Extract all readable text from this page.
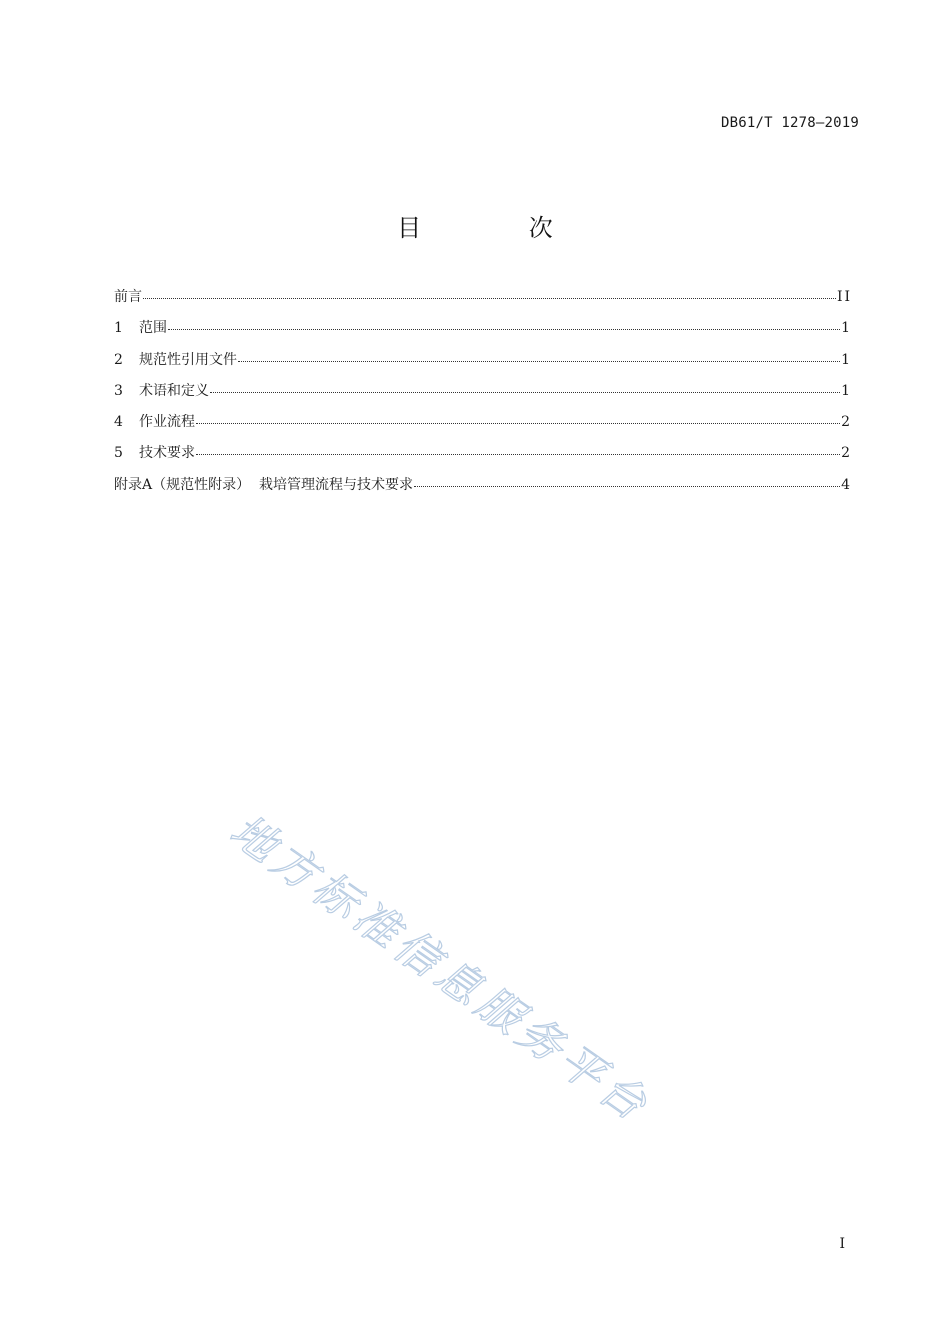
DB61/T 1278—2019
目 次
前言	II
1	范围	1
2	规范性引用文件	1
3	术语和定义	1
4	作业流程	2
5	技术要求	2
附录A（规范性附录）  栽培管理流程与技术要求	4
地方标准信息服务平台
I
